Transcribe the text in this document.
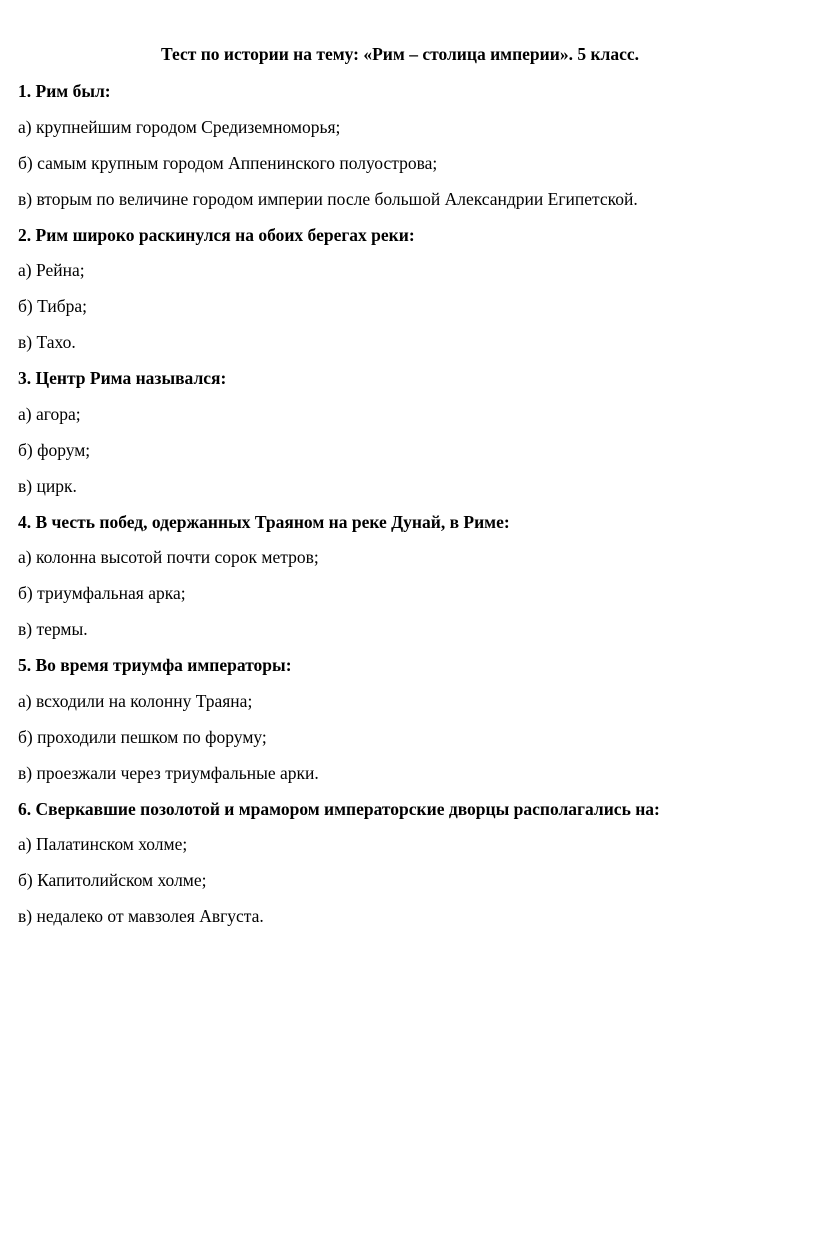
Тест по истории на тему: «Рим – столица империи». 5 класс.

1. Рим был:

а) крупнейшим городом Средиземноморья;

б) самым крупным городом Аппенинского полуострова;

в) вторым по величине городом империи после большой Александрии Египетской.

2. Рим широко раскинулся на обоих берегах реки:

а) Рейна;

б) Тибра;

в) Тахо.

3. Центр Рима назывался:

а) агора;

б) форум;

в) цирк.

4. В честь побед, одержанных Траяном на реке Дунай, в Риме:

а) колонна высотой почти сорок метров;

б) триумфальная арка;

в) термы.

5. Во время триумфа императоры:

а) всходили на колонну Траяна;

б) проходили пешком по форуму;

в) проезжали через триумфальные арки.

6. Сверкавшие позолотой и мрамором императорские дворцы располагались на:

а) Палатинском холме;

б) Капитолийском холме;

в) недалеко от мавзолея Августа.
